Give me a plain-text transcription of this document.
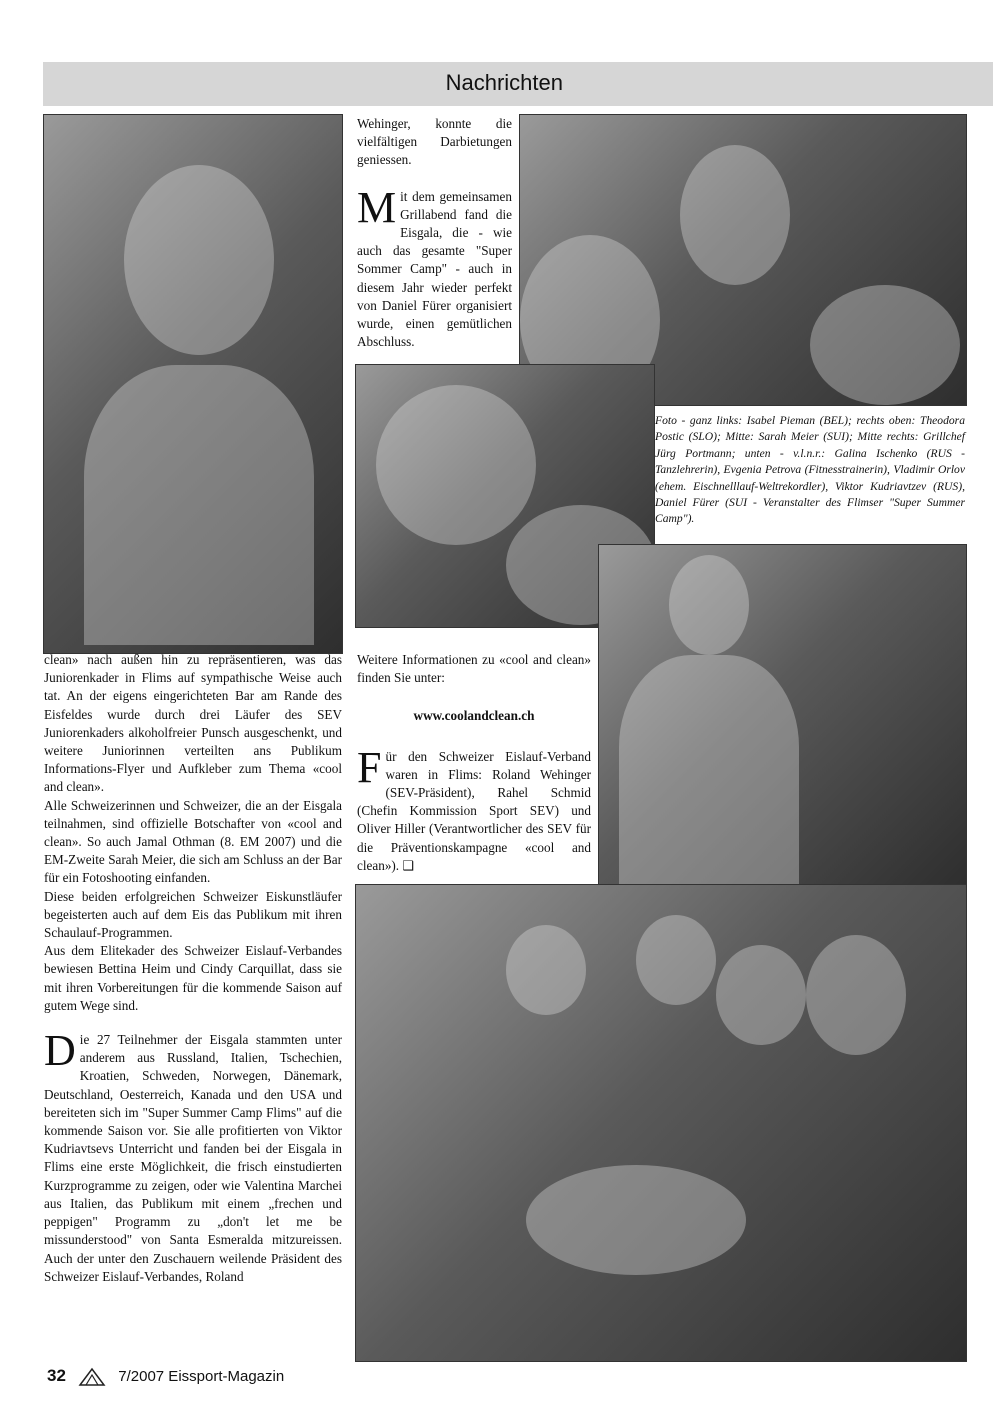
Nachrichten

Wehinger, konnte die vielfältigen Darbietungen geniessen.

Mit dem gemeinsamen Grillabend fand die Eisgala, die - wie auch das gesamte "Super Sommer Camp" - auch in diesem Jahr wieder perfekt von Daniel Fürer organisiert wurde, einen gemütlichen Abschluss.

Foto - ganz links: Isabel Pieman (BEL); rechts oben: Theodora Postic (SLO); Mitte: Sarah Meier (SUI); Mitte rechts: Grillchef Jürg Portmann; unten - v.l.n.r.: Galina Ischenko (RUS - Tanzlehrerin), Evgenia Petrova (Fitnesstrainerin), Vladimir Orlov (ehem. Eischnelllauf-Weltrekordler), Viktor Kudriavtzev (RUS), Daniel Fürer (SUI - Veranstalter des Flimser "Super Summer Camp").

clean» nach außen hin zu repräsentieren, was das Juniorenkader in Flims auf sympathische Weise auch tat. An der eigens eingerichteten Bar am Rande des Eisfeldes wurde durch drei Läufer des SEV Juniorenkaders alkoholfreier Punsch ausgeschenkt, und weitere Juniorinnen verteilten ans Publikum Informations-Flyer und Aufkleber zum Thema «cool and clean».

Alle Schweizerinnen und Schweizer, die an der Eisgala teilnahmen, sind offizielle Botschafter von «cool and clean». So auch Jamal Othman (8. EM 2007) und die EM-Zweite Sarah Meier, die sich am Schluss an der Bar für ein Fotoshooting einfanden.

Diese beiden erfolgreichen Schweizer Eiskunstläufer begeisterten auch auf dem Eis das Publikum mit ihren Schaulauf-Programmen.

Aus dem Elitekader des Schweizer Eislauf-Verbandes bewiesen Bettina Heim und Cindy Carquillat, dass sie mit ihren Vorbereitungen für die kommende Saison auf gutem Wege sind.

Die 27 Teilnehmer der Eisgala stammten unter anderem aus Russland, Italien, Tschechien, Kroatien, Schweden, Norwegen, Dänemark, Deutschland, Oesterreich, Kanada und den USA und bereiteten sich im "Super Summer Camp Flims" auf die kommende Saison vor. Sie alle profitierten von Viktor Kudriavtsevs Unterricht und fanden bei der Eisgala in Flims eine erste Möglichkeit, die frisch einstudierten Kurzprogramme zu zeigen, oder wie Valentina Marchei aus Italien, das Publikum mit einem „frechen und peppigen" Programm zu „don't let me be missunderstood" von Santa Esmeralda mitzureissen. Auch der unter den Zuschauern weilende Präsident des Schweizer Eislauf-Verbandes, Roland

Weitere Informationen zu «cool and clean» finden Sie unter:

www.coolandclean.ch

Für den Schweizer Eislauf-Verband waren in Flims: Roland Wehinger (SEV-Präsident), Rahel Schmid (Chefin Kommission Sport SEV) und Oliver Hiller (Verantwortlicher des SEV für die Präventionskampagne «cool and clean»). ❑

32	7/2007 Eissport-Magazin
